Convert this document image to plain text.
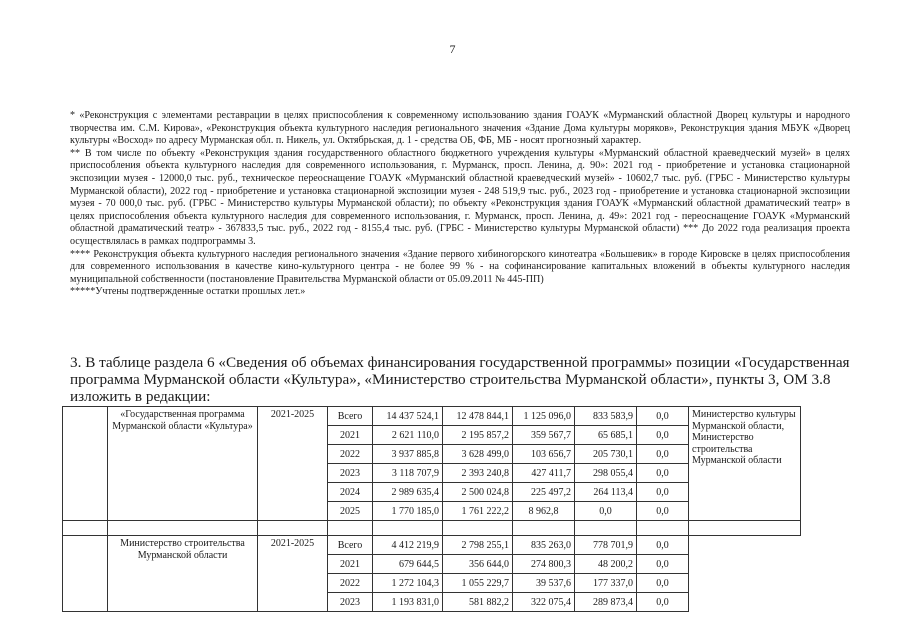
7

* «Реконструкция с элементами реставрации в целях приспособления к современному использованию здания ГОАУК «Мурманский областной Дворец культуры и народного творчества им. С.М. Кирова», «Реконструкция объекта культурного наследия регионального значения «Здание Дома культуры моряков», Реконструкция здания МБУК «Дворец культуры «Восход» по адресу Мурманская обл. п. Никель, ул. Октябрьская, д. 1 - средства ОБ, ФБ, МБ - носят прогнозный характер.

** В том числе по объекту «Реконструкция здания государственного областного бюджетного учреждения культуры «Мурманский областной краеведческий музей» в целях приспособления объекта культурного наследия для современного использования, г. Мурманск, просп. Ленина, д. 90»: 2021 год - приобретение и установка стационарной экспозиции музея - 12000,0 тыс. руб., техническое переоснащение ГОАУК «Мурманский областной краеведческий музей» - 10602,7 тыс. руб. (ГРБС - Министерство культуры Мурманской области), 2022 год - приобретение и установка стационарной экспозиции музея - 248 519,9 тыс. руб., 2023 год - приобретение и установка стационарной экспозиции музея - 70 000,0 тыс. руб. (ГРБС - Министерство культуры Мурманской области); по объекту «Реконструкция здания ГОАУК «Мурманский областной драматический театр» в целях приспособления объекта культурного наследия для современного использования, г. Мурманск, просп. Ленина, д. 49»: 2021 год - переоснащение ГОАУК «Мурманский областной драматический театр» - 367833,5 тыс. руб., 2022 год - 8155,4 тыс. руб. (ГРБС - Министерство культуры Мурманской области) *** До 2022 года реализация проекта осуществлялась в рамках подпрограммы 3.

**** Реконструкция объекта культурного наследия регионального значения «Здание первого хибиногорского кинотеатра «Большевик» в городе Кировске в целях приспособления для современного использования в качестве кино-культурного центра - не более 99 % - на софинансирование капитальных вложений в объекты культурного наследия муниципальной собственности (постановление Правительства Мурманской области от 05.09.2011 № 445-ПП)

*****Учтены подтвержденные остатки прошлых лет.»

3. В таблице раздела 6 «Сведения об объемах финансирования государственной программы» позиции «Государственная программа Мурманской области «Культура», «Министерство строительства Мурманской области», пункты 3, ОМ 3.8 изложить в редакции:

	«Государственная программа Мурманской области «Культура»	2021-2025	Всего	14 437 524,1	12 478 844,1	1 125 096,0	833 583,9	0,0	Министерство культуры Мурманской области, Министерство строительства Мурманской области
			2021	2 621 110,0	2 195 857,2	359 567,7	65 685,1	0,0	
			2022	3 937 885,8	3 628 499,0	103 656,7	205 730,1	0,0	
			2023	3 118 707,9	2 393 240,8	427 411,7	298 055,4	0,0	
			2024	2 989 635,4	2 500 024,8	225 497,2	264 113,4	0,0	
			2025	1 770 185,0	1 761 222,2	8 962,8	0,0	0,0	

	Министерство строительства Мурманской области	2021-2025	Всего	4 412 219,9	2 798 255,1	835 263,0	778 701,9	0,0	
			2021	679 644,5	356 644,0	274 800,3	48 200,2	0,0	
			2022	1 272 104,3	1 055 229,7	39 537,6	177 337,0	0,0	
			2023	1 193 831,0	581 882,2	322 075,4	289 873,4	0,0	
